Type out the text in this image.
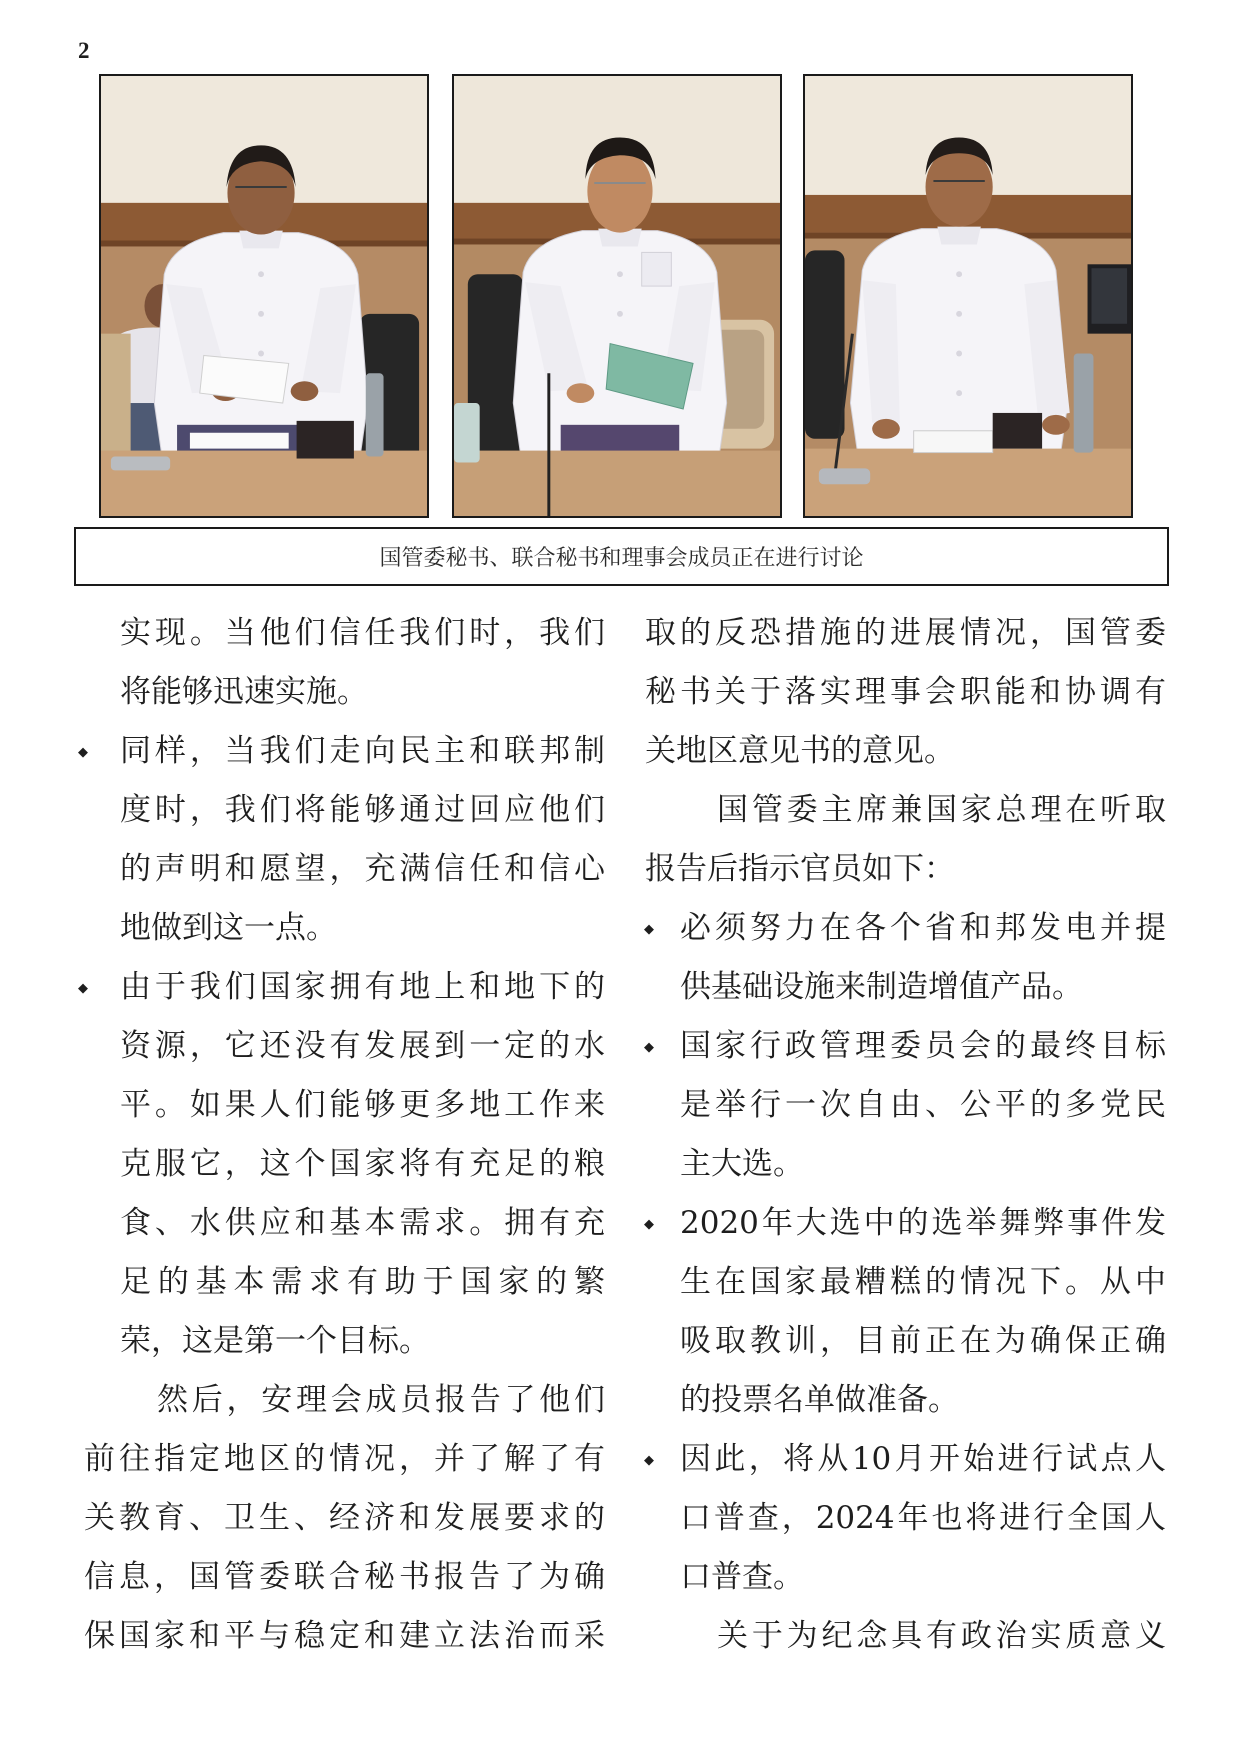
2
国管委秘书、联合秘书和理事会成员正在进行讨论
实现。当他们信任我们时，我们
将能够迅速实施。
◆ 同样，当我们走向民主和联邦制
度时，我们将能够通过回应他们
的声明和愿望，充满信任和信心
地做到这一点。
◆ 由于我们国家拥有地上和地下的
资源，它还没有发展到一定的水
平。如果人们能够更多地工作来
克服它，这个国家将有充足的粮
食、水供应和基本需求。拥有充
足的基本需求有助于国家的繁
荣，这是第一个目标。
然后，安理会成员报告了他们
前往指定地区的情况，并了解了有
关教育、卫生、经济和发展要求的
信息，国管委联合秘书报告了为确
保国家和平与稳定和建立法治而采
取的反恐措施的进展情况，国管委
秘书关于落实理事会职能和协调有
关地区意见书的意见。
国管委主席兼国家总理在听取
报告后指示官员如下：
◆ 必须努力在各个省和邦发电并提
供基础设施来制造增值产品。
◆ 国家行政管理委员会的最终目标
是举行一次自由、公平的多党民
主大选。
◆ 2020年大选中的选举舞弊事件发
生在国家最糟糕的情况下。从中
吸取教训，目前正在为确保正确
的投票名单做准备。
◆ 因此，将从10月开始进行试点人
口普查，2024年也将进行全国人
口普查。
关于为纪念具有政治实质意义
